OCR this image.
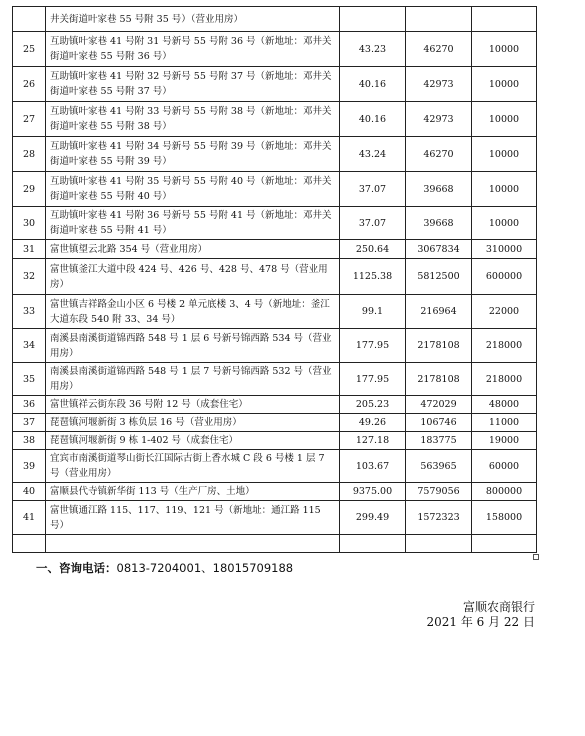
	井关街道叶家巷 55 号附 35 号）（营业用房）			
25	互助镇叶家巷 41 号附 31 号新号 55 号附 36 号（新地址：邓井关街道叶家巷 55 号附 36 号）	43.23	46270	10000
26	互助镇叶家巷 41 号附 32 号新号 55 号附 37 号（新地址：邓井关街道叶家巷 55 号附 37 号）	40.16	42973	10000
27	互助镇叶家巷 41 号附 33 号新号 55 号附 38 号（新地址：邓井关街道叶家巷 55 号附 38 号）	40.16	42973	10000
28	互助镇叶家巷 41 号附 34 号新号 55 号附 39 号（新地址：邓井关街道叶家巷 55 号附 39 号）	43.24	46270	10000
29	互助镇叶家巷 41 号附 35 号新号 55 号附 40 号（新地址：邓井关街道叶家巷 55 号附 40 号）	37.07	39668	10000
30	互助镇叶家巷 41 号附 36 号新号 55 号附 41 号（新地址：邓井关街道叶家巷 55 号附 41 号）	37.07	39668	10000
31	富世镇望云北路 354 号（营业用房）	250.64	3067834	310000
32	富世镇釜江大道中段 424 号、426 号、428 号、478 号（营业用房）	1125.38	5812500	600000
33	富世镇吉祥路金山小区 6 号楼 2 单元底楼 3、4 号（新地址：釜江大道东段 540 附 33、34 号）	99.1	216964	22000
34	南溪县南溪街道锦西路 548 号 1 层 6 号新号锦西路 534 号（营业用房）	177.95	2178108	218000
35	南溪县南溪街道锦西路 548 号 1 层 7 号新号锦西路 532 号（营业用房）	177.95	2178108	218000
36	富世镇祥云街东段 36 号附 12 号（成套住宅）	205.23	472029	48000
37	琵琶镇河堰新街 3 栋负层 16 号（营业用房）	49.26	106746	11000
38	琵琶镇河堰新街 9 栋 1-402 号（成套住宅）	127.18	183775	19000
39	宜宾市南溪街道琴山街长江国际古街上香水城 C 段 6 号楼 1 层 7 号（营业用房）	103.67	563965	60000
40	富顺县代寺镇新华街 113 号（生产厂房、土地）	9375.00	7579056	800000
41	富世镇通江路 115、117、119、121 号（新地址：通江路 115 号）	299.49	1572323	158000

一、咨询电话：0813-7204001、18015709188
富顺农商银行
2021 年 6 月 22 日
